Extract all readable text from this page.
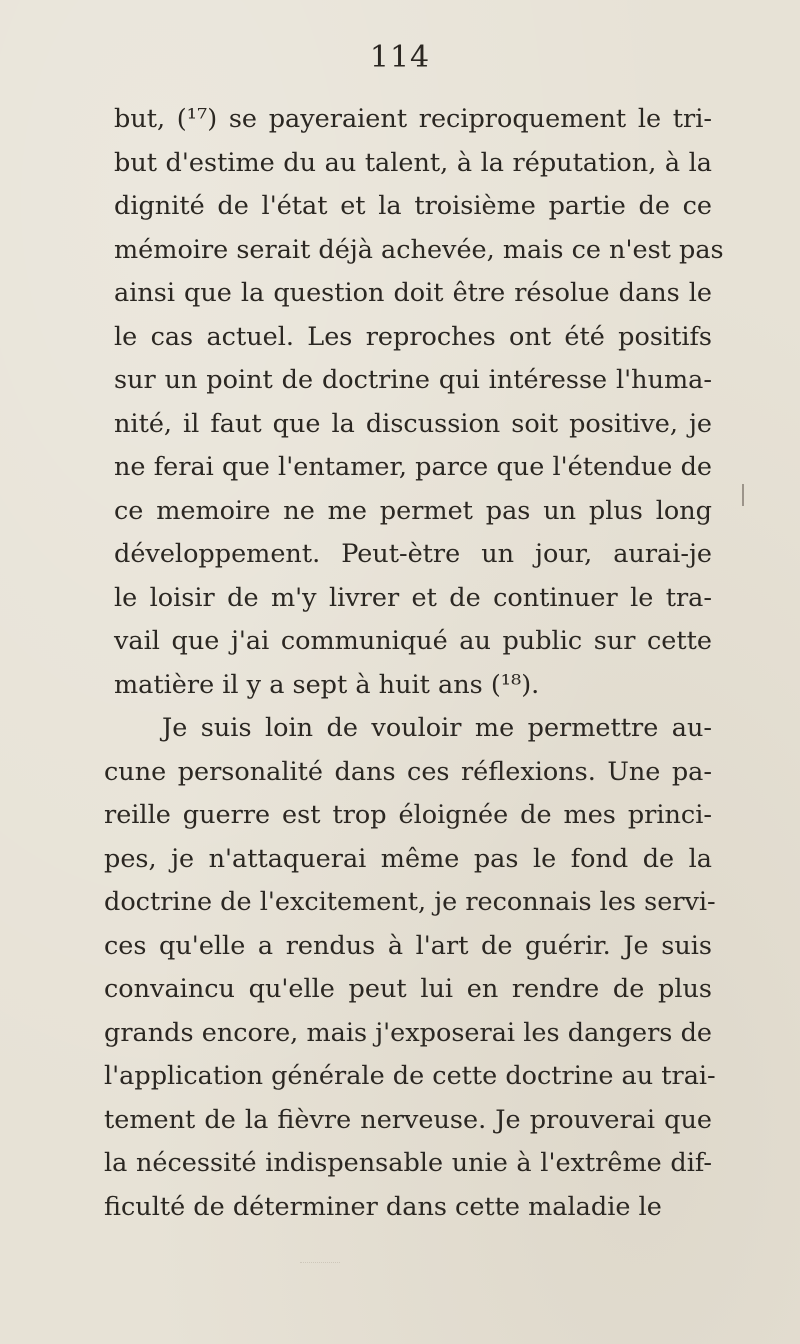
114
but, (¹⁷) se payeraient reciproquement le tri-
but d'estime du au talent, à la réputation, à la
dignité de l'état et la troisième partie de ce
mémoire serait déjà achevée, mais ce n'est pas
ainsi que la question doit être résolue dans le
le cas actuel. Les reproches ont été positifs
sur un point de doctrine qui intéresse l'huma-
nité, il faut que la discussion soit positive, je
ne ferai que l'entamer, parce que l'étendue de
ce memoire ne me permet pas un plus long
développement. Peut-ètre un jour, aurai-je
le loisir de m'y livrer et de continuer le tra-
vail que j'ai communiqué au public sur cette
matière il y a sept à huit ans (¹⁸).
Je suis loin de vouloir me permettre au-
cune personalité dans ces réflexions. Une pa-
reille guerre est trop éloignée de mes princi-
pes, je n'attaquerai même pas le fond de la
doctrine de l'excitement, je reconnais les servi-
ces qu'elle a rendus à l'art de guérir. Je suis
convaincu qu'elle peut lui en rendre de plus
grands encore, mais j'exposerai les dangers de
l'application générale de cette doctrine au trai-
tement de la fièvre nerveuse. Je prouverai que
la nécessité indispensable unie à l'extrême dif-
ficulté de déterminer dans cette maladie le
